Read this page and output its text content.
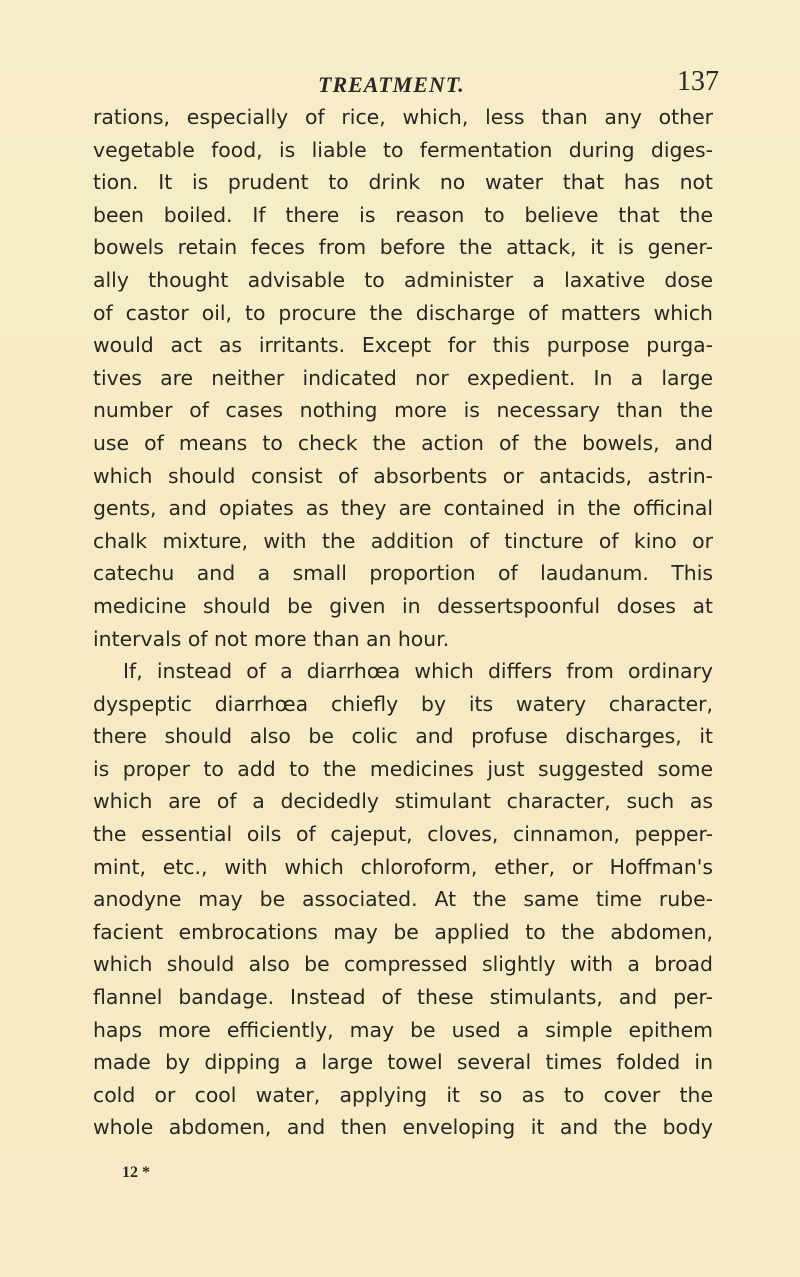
TREATMENT.	137
rations, especially of rice, which, less than any other
vegetable food, is liable to fermentation during diges-
tion. It is prudent to drink no water that has not
been boiled. If there is reason to believe that the
bowels retain feces from before the attack, it is gener-
ally thought advisable to administer a laxative dose
of castor oil, to procure the discharge of matters which
would act as irritants. Except for this purpose purga-
tives are neither indicated nor expedient. In a large
number of cases nothing more is necessary than the
use of means to check the action of the bowels, and
which should consist of absorbents or antacids, astrin-
gents, and opiates as they are contained in the officinal
chalk mixture, with the addition of tincture of kino or
catechu and a small proportion of laudanum. This
medicine should be given in dessertspoonful doses at
intervals of not more than an hour.
If, instead of a diarrhœa which differs from ordinary
dyspeptic diarrhœa chiefly by its watery character,
there should also be colic and profuse discharges, it
is proper to add to the medicines just suggested some
which are of a decidedly stimulant character, such as
the essential oils of cajeput, cloves, cinnamon, pepper-
mint, etc., with which chloroform, ether, or Hoffman's
anodyne may be associated. At the same time rube-
facient embrocations may be applied to the abdomen,
which should also be compressed slightly with a broad
flannel bandage. Instead of these stimulants, and per-
haps more efficiently, may be used a simple epithem
made by dipping a large towel several times folded in
cold or cool water, applying it so as to cover the
whole abdomen, and then enveloping it and the body
12 *
